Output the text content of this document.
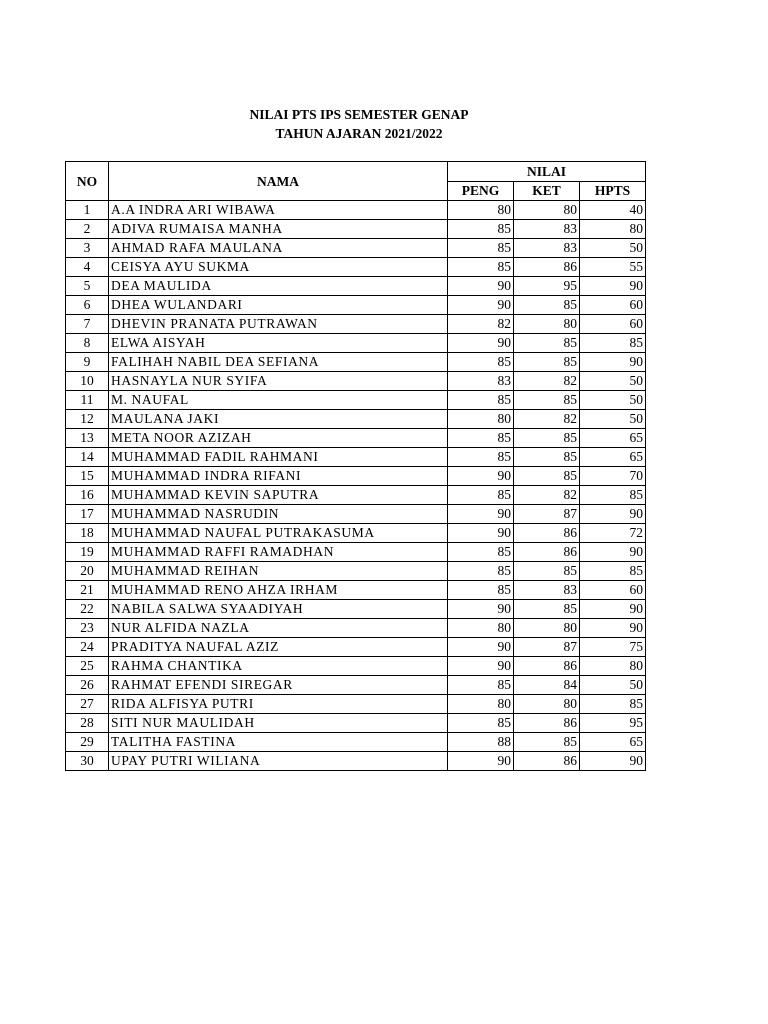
NILAI PTS IPS SEMESTER GENAP
TAHUN AJARAN 2021/2022
NO	NAMA	NILAI		
		PENG	KET	HPTS
1	A.A INDRA ARI WIBAWA	80	80	40
2	ADIVA RUMAISA MANHA	85	83	80
3	AHMAD RAFA MAULANA	85	83	50
4	CEISYA AYU SUKMA	85	86	55
5	DEA MAULIDA	90	95	90
6	DHEA WULANDARI	90	85	60
7	DHEVIN PRANATA PUTRAWAN	82	80	60
8	ELWA AISYAH	90	85	85
9	FALIHAH NABIL DEA SEFIANA	85	85	90
10	HASNAYLA NUR SYIFA	83	82	50
11	M. NAUFAL	85	85	50
12	MAULANA JAKI	80	82	50
13	META NOOR AZIZAH	85	85	65
14	MUHAMMAD FADIL RAHMANI	85	85	65
15	MUHAMMAD INDRA RIFANI	90	85	70
16	MUHAMMAD KEVIN SAPUTRA	85	82	85
17	MUHAMMAD NASRUDIN	90	87	90
18	MUHAMMAD NAUFAL PUTRAKASUMA	90	86	72
19	MUHAMMAD RAFFI RAMADHAN	85	86	90
20	MUHAMMAD REIHAN	85	85	85
21	MUHAMMAD RENO AHZA IRHAM	85	83	60
22	NABILA SALWA SYAADIYAH	90	85	90
23	NUR ALFIDA NAZLA	80	80	90
24	PRADITYA NAUFAL AZIZ	90	87	75
25	RAHMA CHANTIKA	90	86	80
26	RAHMAT EFENDI SIREGAR	85	84	50
27	RIDA ALFISYA PUTRI	80	80	85
28	SITI NUR MAULIDAH	85	86	95
29	TALITHA FASTINA	88	85	65
30	UPAY PUTRI WILIANA	90	86	90
